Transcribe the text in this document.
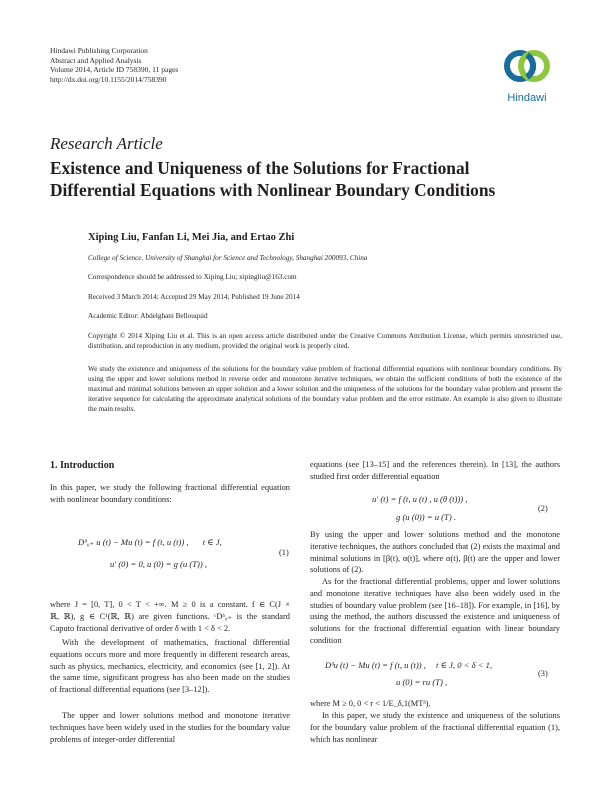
Hindawi Publishing Corporation
Abstract and Applied Analysis
Volume 2014, Article ID 758390, 11 pages
http://dx.doi.org/10.1155/2014/758390
Hindawi
Research Article
Existence and Uniqueness of the Solutions for Fractional
Differential Equations with Nonlinear Boundary Conditions
Xiping Liu, Fanfan Li, Mei Jia, and Ertao Zhi
College of Science, University of Shanghai for Science and Technology, Shanghai 200093, China
Correspondence should be addressed to Xiping Liu; xipingliu@163.com
Received 3 March 2014; Accepted 29 May 2014; Published 19 June 2014
Academic Editor: Abdelghani Bellouquid
Copyright © 2014 Xiping Liu et al. This is an open access article distributed under the Creative Commons Attribution License, which permits unrestricted use, distribution, and reproduction in any medium, provided the original work is properly cited.
We study the existence and uniqueness of the solutions for the boundary value problem of fractional differential equations with nonlinear boundary conditions. By using the upper and lower solutions method in reverse order and monotone iterative techniques, we obtain the sufficient conditions of both the existence of the maximal and minimal solutions between an upper solution and a lower solution and the uniqueness of the solutions for the boundary value problem and present the iterative sequence for calculating the approximate analytical solutions of the boundary value problem and the error estimate. An example is also given to illustrate the main results.
1. Introduction
In this paper, we study the following fractional differential equation with nonlinear boundary conditions:
Dᵟ₀₊ u (t) − Mu (t) = f (t, u (t)) , t ∈ J,
u′ (0) = 0, u (0) = g (u (T)) ,
(1)
where J = [0, T], 0 < T < +∞. M ≥ 0 is a constant. f ∈ C(J ×
ℝ, ℝ), g ∈ C¹(ℝ, ℝ) are given functions. ᶜDᵟ₀₊ is the standard
Caputo fractional derivative of order δ with 1 < δ < 2.
With the development of mathematics, fractional differential equations occurs more and more frequently in different research areas, such as physics, mechanics, electricity, and economics (see [1, 2]). At the same time, significant progress has also been made on the studies of fractional differential equations (see [3–12]).
The upper and lower solutions method and monotone iterative techniques have been widely used in the studies for the boundary value problems of integer-order differential
equations (see [13–15] and the references therein). In [13], the authors studied first order differential equation
u′ (t) = f (t, u (t) , u (θ (t))) ,
g (u (0)) = u (T) .
(2)
By using the upper and lower solutions method and the monotone iterative techniques, the authors concluded that (2) exists the maximal and minimal solutions in [β(t), α(t)], where α(t), β(t) are the upper and lower solutions of (2).
As for the fractional differential problems, upper and lower solutions and monotone iterative techniques have also been widely used in the studies of boundary value problem (see [16–18]). For example, in [16], by using the method, the authors discussed the existence and uniqueness of solutions for the fractional differential equation with linear boundary condition
Dᵟu (t) − Mu (t) = f (t, u (t)) , t ∈ J, 0 < δ < 1,
u (0) = ru (T) ,
(3)
where M ≥ 0, 0 < r < 1/E_δ,1(MTᵟ).
In this paper, we study the existence and uniqueness of the solutions for the boundary value problem of the fractional differential equation (1), which has nonlinear
